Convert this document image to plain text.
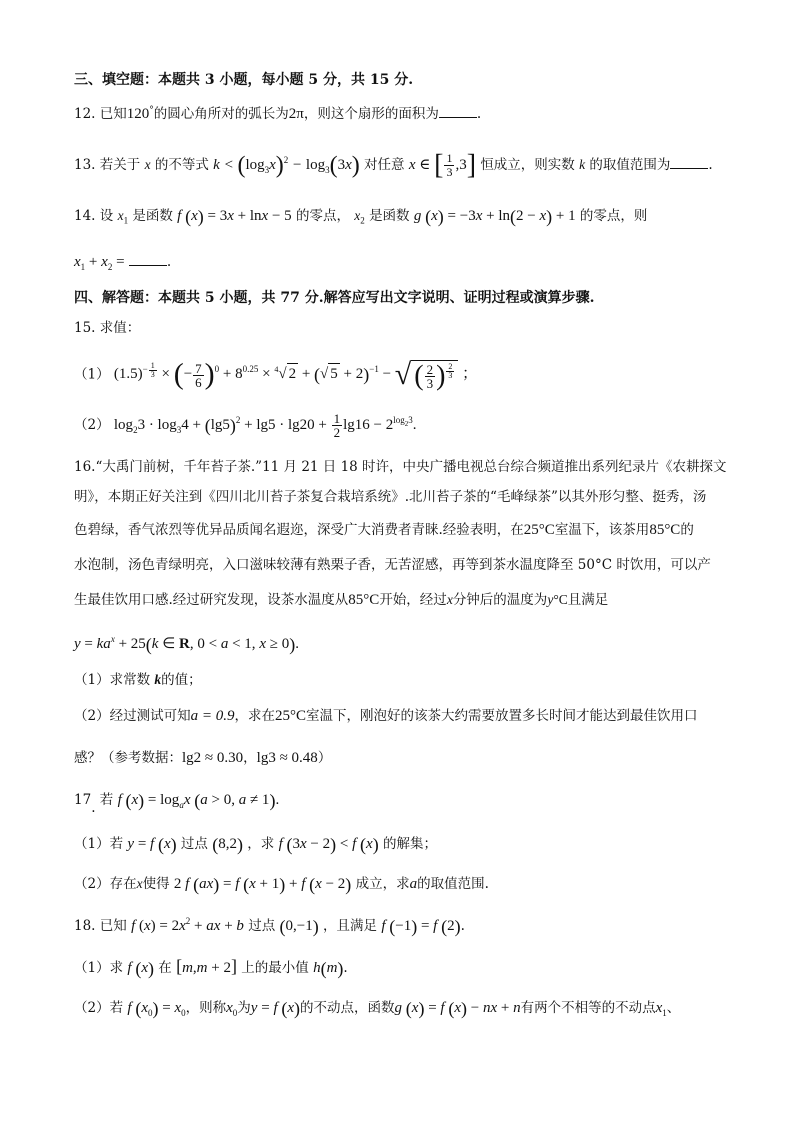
三、填空题：本题共 3 小题，每小题 5 分，共 15 分.
12. 已知120°的圆心角所对的弧长为2π，则这个扇形的面积为	.
13. 若关于 x 的不等式 $k < (\log_3x)^2 - \log_3(3x)$ 对任意 x ∈ [ $\frac{1}{3} ,3$] 恒成立，则实数 k 的取值范围为	.
14. 设 $x_1$ 是函数 f (x) = 3x + lnx − 5 的零点， $x_2$ 是函数 g (x) = −3x + ln(2 − x) + 1 的零点，则
$x_1 + x_2$ =	.
四、解答题：本题共 5 小题，共 77 分.解答应写出文字说明、证明过程或演算步骤.
15. 求值：
（1） $(1.5)^{- \frac{1}{3}}$ × (− $\frac{7}{6} )^0 + 8^{0.25} \times ^4√$ 2 + (√ 5 + 2)$^{-1}$ − √ ( $\frac{2}{3}$ ) $^{\frac{2}{3}}$ ；
（2） $\log_23 \cdot \log_34 + (\lg 5)^2 + \lg 5 \cdot \lg 20 + \frac{1}{2} \lg 16 - 2^{log_23}$.
16.“大禹门前树，千年苔子茶.”11 月 21 日 18 时许，中央广播电视总台综合频道推出系列纪录片《农耕探文
明》，本期正好关注到《四川北川苔子茶复合栽培系统》.北川苔子茶的“毛峰绿茶”以其外形匀整、挺秀，汤
色碧绿，香气浓烈等优异品质闻名遐迩，深受广大消费者青睐.经验表明，在25°C室温下，该茶用85°C的
水泡制，汤色青绿明亮，入口滋味较薄有熟栗子香，无苦涩感，再等到茶水温度降至 50°C 时饮用，可以产
生最佳饮用口感.经过研究发现，设茶水温度从85°C开始，经过x分钟后的温度为y°C且满足
$y = ka^x + 25(k$ ∈ R, 0 < a < 1, x ≥ 0).
（1）求常数 k的值；
（2）经过测试可知a = 0.9，求在25°C室温下，刚泡好的该茶大约需要放置多长时间才能达到最佳饮用口
感？（参考数据：lg2 ≈ 0.30，lg3 ≈ 0.48）
17. 若 f $(x) = \log_ax$ (a > 0, a ≠ 1).
（1）若 y = f (x) 过点 (8,2) ，求 f (3x − 2) < f (x) 的解集；
（2）存在x使得 2 f (ax) = f (x + 1) + f (x − 2) 成立，求a的取值范围.
18. 已知 f $(x) = 2x^2$ + ax + b 过点 (0,−1) ，且满足 f (−1) = f (2).
（1）求 f (x) 在 [m,m + 2] 上的最小值 h(m).
（2）若 f $(x_0) = x_0$，则称$x_0$为y = f (x)的不动点，函数g (x) = f (x) − nx + n有两个不相等的不动点$x_1$、
